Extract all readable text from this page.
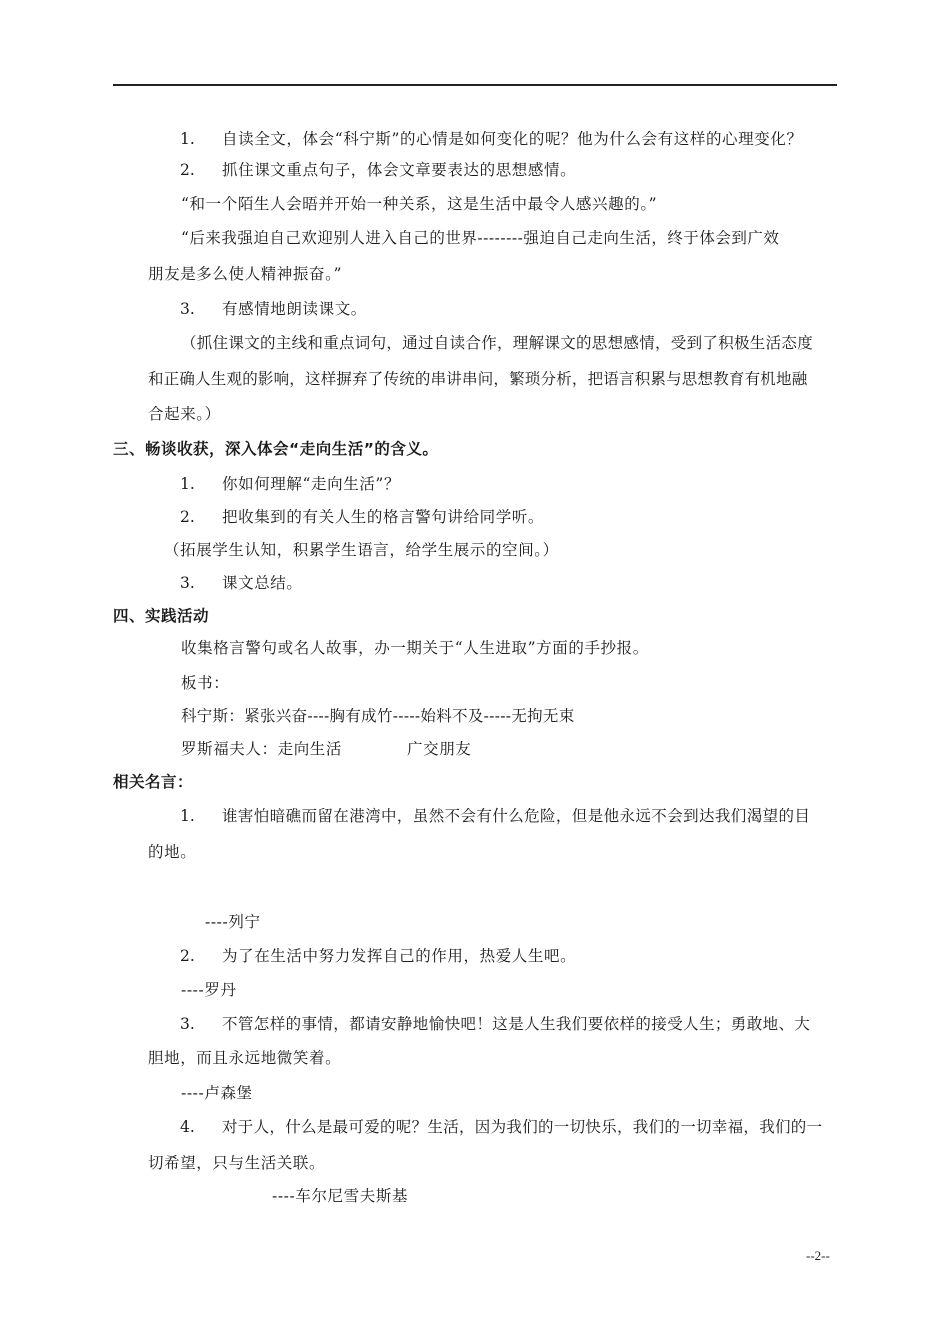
1. 自读全文，体会“科宁斯”的心情是如何变化的呢？他为什么会有这样的心理变化？
2. 抓住课文重点句子，体会文章要表达的思想感情。
“和一个陌生人会晤并开始一种关系，这是生活中最令人感兴趣的。”
“后来我强迫自己欢迎别人进入自己的世界--------强迫自己走向生活，终于体会到广效
朋友是多么使人精神振奋。”
3. 有感情地朗读课文。
（抓住课文的主线和重点词句，通过自读合作，理解课文的思想感情，受到了积极生活态度
和正确人生观的影响，这样摒弃了传统的串讲串问，繁琐分析，把语言积累与思想教育有机地融
合起来。）
三、畅谈收获，深入体会“走向生活”的含义。
1. 你如何理解“走向生活”？
2. 把收集到的有关人生的格言警句讲给同学听。
（拓展学生认知，积累学生语言，给学生展示的空间。）
3. 课文总结。
四、实践活动
收集格言警句或名人故事，办一期关于“人生进取”方面的手抄报。
板书：
科宁斯：紧张兴奋----胸有成竹-----始料不及-----无拘无束
罗斯福夫人：走向生活	广交朋友
相关名言：
1. 谁害怕暗礁而留在港湾中，虽然不会有什么危险，但是他永远不会到达我们渴望的目
的地。
----列宁
2. 为了在生活中努力发挥自己的作用，热爱人生吧。
----罗丹
3. 不管怎样的事情，都请安静地愉快吧！这是人生我们要依样的接受人生；勇敢地、大
胆地，而且永远地微笑着。
----卢森堡
4. 对于人，什么是最可爱的呢？生活，因为我们的一切快乐，我们的一切幸福，我们的一
切希望，只与生活关联。
----车尔尼雪夫斯基
--2--
